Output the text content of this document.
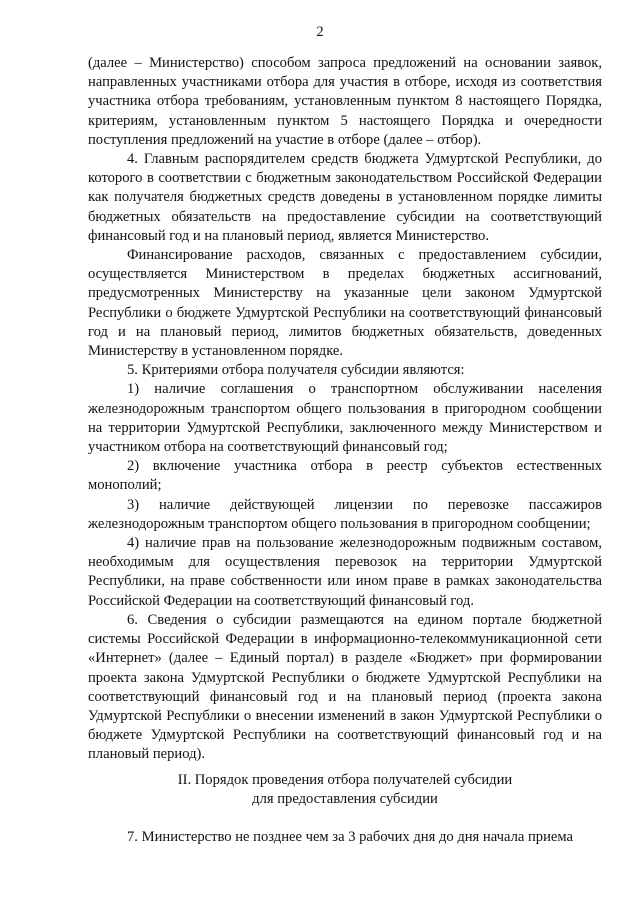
2

(далее – Министерство) способом запроса предложений на основании заявок, направленных участниками отбора для участия в отборе, исходя из соответствия участника отбора требованиям, установленным пунктом 8 настоящего Порядка, критериям, установленным пунктом 5 настоящего Порядка и очередности поступления предложений на участие в отборе (далее – отбор).

4. Главным распорядителем средств бюджета Удмуртской Республики, до которого в соответствии с бюджетным законодательством Российской Федерации как получателя бюджетных средств доведены в установленном порядке лимиты бюджетных обязательств на предоставление субсидии на соответствующий финансовый год и на плановый период, является Министерство.

Финансирование расходов, связанных с предоставлением субсидии, осуществляется Министерством в пределах бюджетных ассигнований, предусмотренных Министерству на указанные цели законом Удмуртской Республики о бюджете Удмуртской Республики на соответствующий финансовый год и на плановый период, лимитов бюджетных обязательств, доведенных Министерству в установленном порядке.

5. Критериями отбора получателя субсидии являются:

1) наличие соглашения о транспортном обслуживании населения железнодорожным транспортом общего пользования в пригородном сообщении на территории Удмуртской Республики, заключенного между Министерством и участником отбора на соответствующий финансовый год;

2) включение участника отбора в реестр субъектов естественных монополий;

3) наличие действующей лицензии по перевозке пассажиров железнодорожным транспортом общего пользования в пригородном сообщении;

4) наличие прав на пользование железнодорожным подвижным составом, необходимым для осуществления перевозок на территории Удмуртской Республики, на праве собственности или ином праве в рамках законодательства Российской Федерации на соответствующий финансовый год.

6. Сведения о субсидии размещаются на едином портале бюджетной системы Российской Федерации в информационно-телекоммуникационной сети «Интернет» (далее – Единый портал) в разделе «Бюджет» при формировании проекта закона Удмуртской Республики о бюджете Удмуртской Республики на соответствующий финансовый год и на плановый период (проекта закона Удмуртской Республики о внесении изменений в закон Удмуртской Республики о бюджете Удмуртской Республики на соответствующий финансовый год и на плановый период).

II. Порядок проведения отбора получателей субсидии
для предоставления субсидии

7. Министерство не позднее чем за 3 рабочих дня до дня начала приема
